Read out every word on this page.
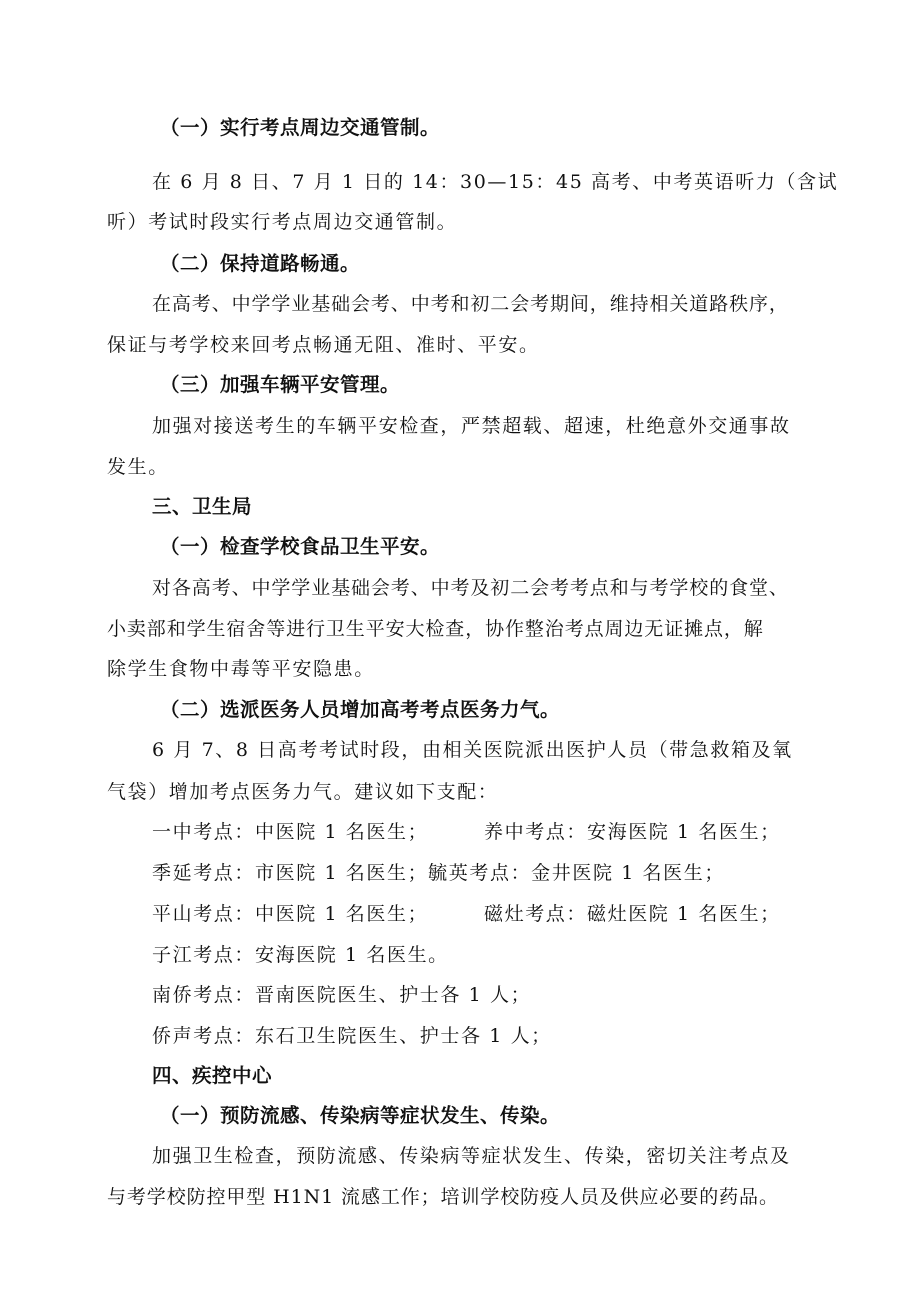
（一）实行考点周边交通管制。
在 6 月 8 日、7 月 1 日的 14：30—15：45 高考、中考英语听力（含试
听）考试时段实行考点周边交通管制。
（二）保持道路畅通。
在高考、中学学业基础会考、中考和初二会考期间，维持相关道路秩序，
保证与考学校来回考点畅通无阻、准时、平安。
（三）加强车辆平安管理。
加强对接送考生的车辆平安检查，严禁超载、超速，杜绝意外交通事故
发生。
三、卫生局
（一）检查学校食品卫生平安。
对各高考、中学学业基础会考、中考及初二会考考点和与考学校的食堂、
小卖部和学生宿舍等进行卫生平安大检查，协作整治考点周边无证摊点，解
除学生食物中毒等平安隐患。
（二）选派医务人员增加高考考点医务力气。
6 月 7、8 日高考考试时段，由相关医院派出医护人员（带急救箱及氧
气袋）增加考点医务力气。建议如下支配：
一中考点：中医院 1 名医生；	养中考点：安海医院 1 名医生；
季延考点：市医院 1 名医生；毓英考点：金井医院 1 名医生；
平山考点：中医院 1 名医生；	磁灶考点：磁灶医院 1 名医生；
子江考点：安海医院 1 名医生。
南侨考点：晋南医院医生、护士各 1 人；
侨声考点：东石卫生院医生、护士各 1 人；
四、疾控中心
（一）预防流感、传染病等症状发生、传染。
加强卫生检查，预防流感、传染病等症状发生、传染，密切关注考点及
与考学校防控甲型 H1N1 流感工作；培训学校防疫人员及供应必要的药品。
